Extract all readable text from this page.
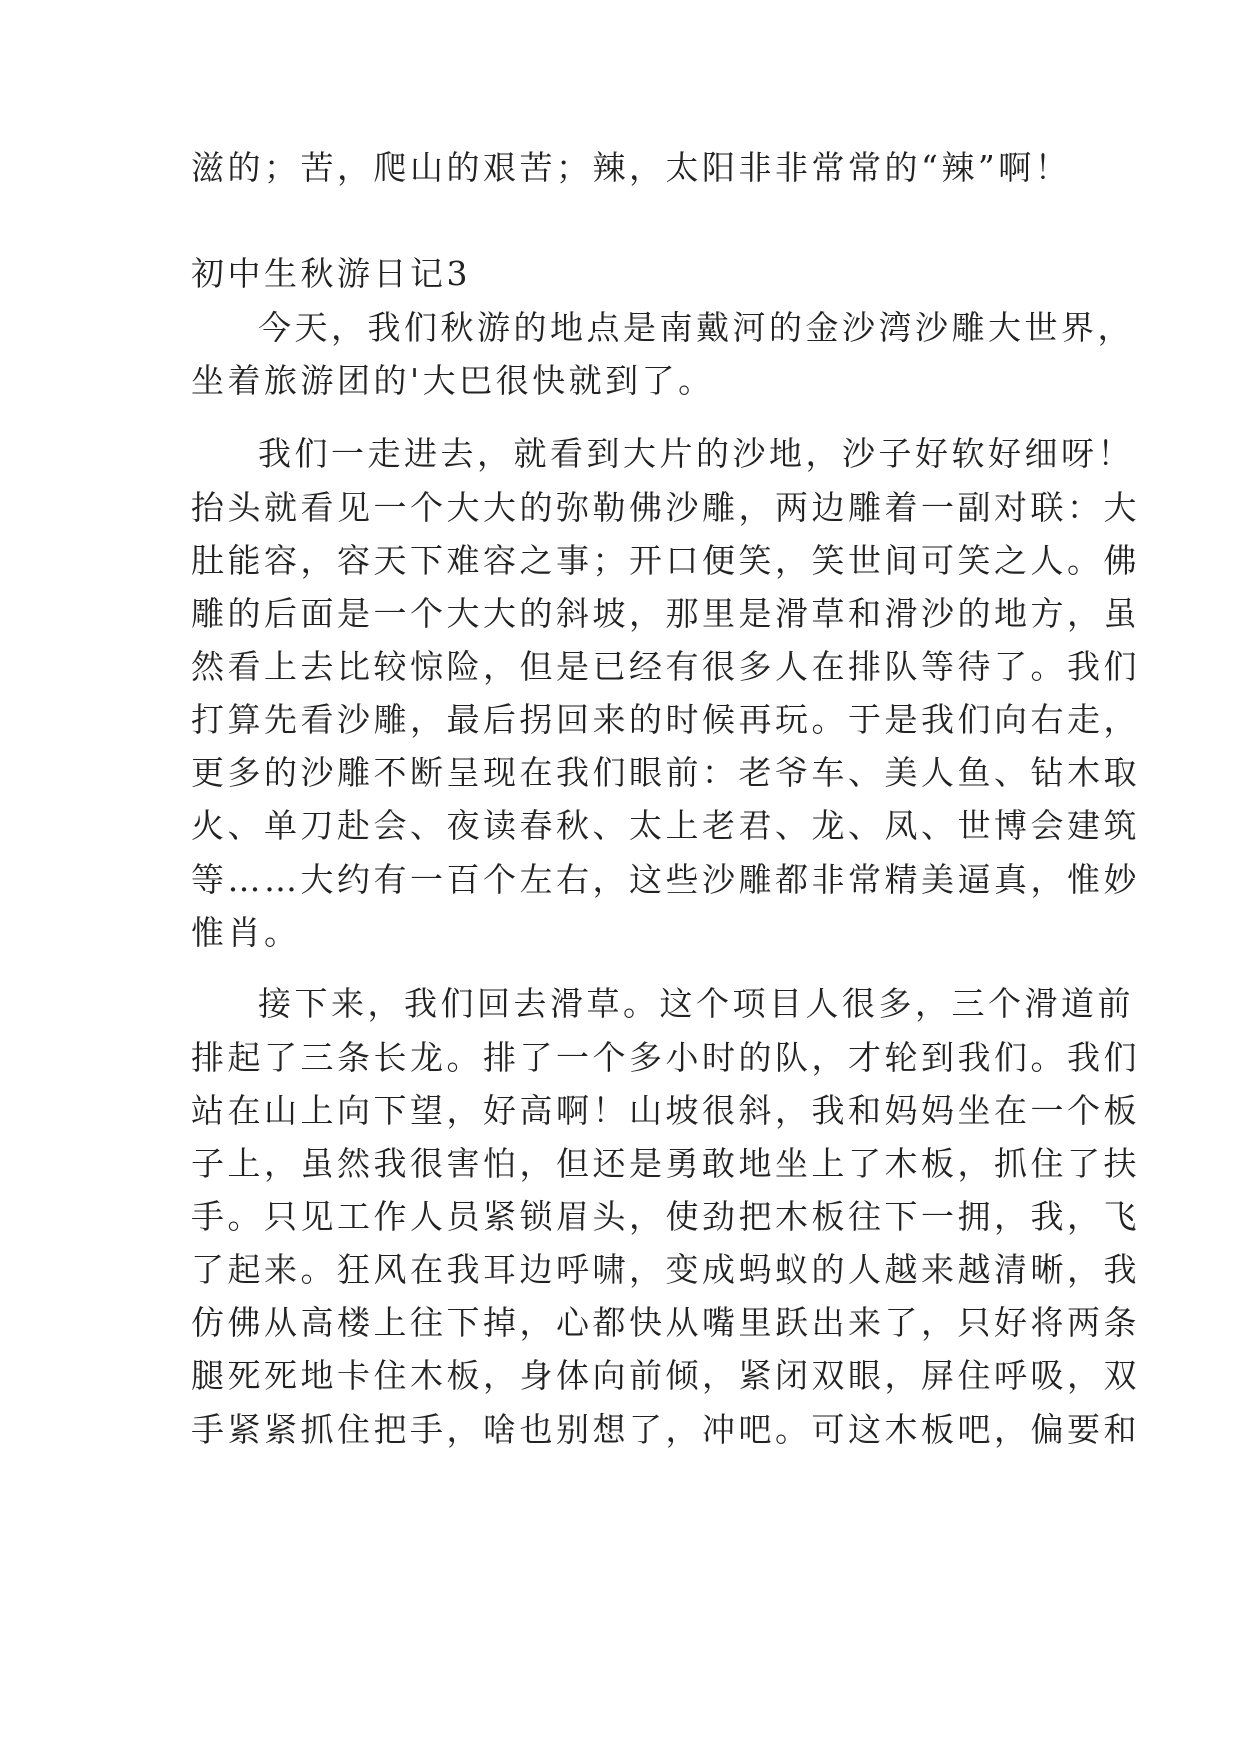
滋的；苦，爬山的艰苦；辣，太阳非非常常的“辣”啊！
初中生秋游日记3
今天，我们秋游的地点是南戴河的金沙湾沙雕大世界，
坐着旅游团的'大巴很快就到了。
我们一走进去，就看到大片的沙地，沙子好软好细呀！
抬头就看见一个大大的弥勒佛沙雕，两边雕着一副对联：大
肚能容，容天下难容之事；开口便笑，笑世间可笑之人。佛
雕的后面是一个大大的斜坡，那里是滑草和滑沙的地方，虽
然看上去比较惊险，但是已经有很多人在排队等待了。我们
打算先看沙雕，最后拐回来的时候再玩。于是我们向右走，
更多的沙雕不断呈现在我们眼前：老爷车、美人鱼、钻木取
火、单刀赴会、夜读春秋、太上老君、龙、凤、世博会建筑
等……大约有一百个左右，这些沙雕都非常精美逼真，惟妙
惟肖。
接下来，我们回去滑草。这个项目人很多，三个滑道前
排起了三条长龙。排了一个多小时的队，才轮到我们。我们
站在山上向下望，好高啊！山坡很斜，我和妈妈坐在一个板
子上，虽然我很害怕，但还是勇敢地坐上了木板，抓住了扶
手。只见工作人员紧锁眉头，使劲把木板往下一拥，我，飞
了起来。狂风在我耳边呼啸，变成蚂蚁的人越来越清晰，我
仿佛从高楼上往下掉，心都快从嘴里跃出来了，只好将两条
腿死死地卡住木板，身体向前倾，紧闭双眼，屏住呼吸，双
手紧紧抓住把手，啥也别想了，冲吧。可这木板吧，偏要和
